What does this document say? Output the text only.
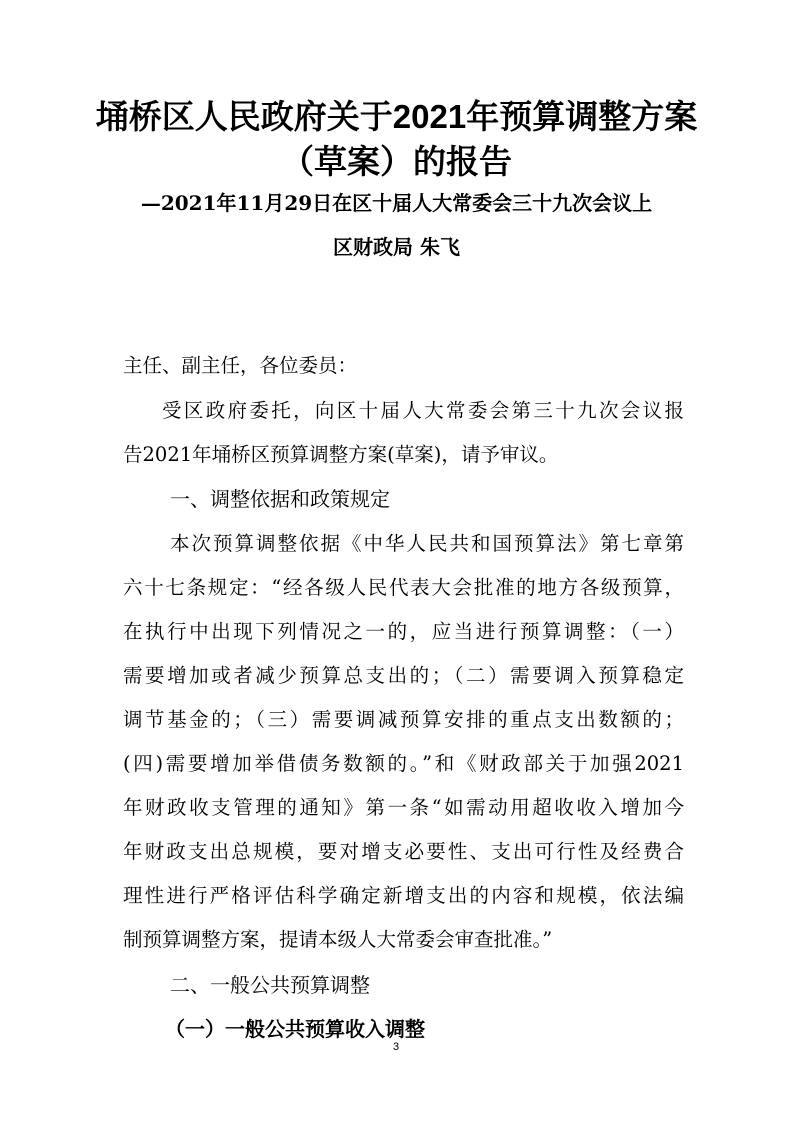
埇桥区人民政府关于2021年预算调整方案
（草案）的报告

—2021年11月29日在区十届人大常委会三十九次会议上

区财政局 朱飞

主任、副主任，各位委员：

受区政府委托，向区十届人大常委会第三十九次会议报

告2021年埇桥区预算调整方案(草案)，请予审议。

一、调整依据和政策规定

本次预算调整依据《中华人民共和国预算法》第七章第

六十七条规定：“经各级人民代表大会批准的地方各级预算，

在执行中出现下列情况之一的，应当进行预算调整：（一）

需要增加或者减少预算总支出的；（二）需要调入预算稳定

调节基金的；（三）需要调减预算安排的重点支出数额的；

(四)需要增加举借债务数额的。”和《财政部关于加强2021

年财政收支管理的通知》第一条“如需动用超收收入增加今

年财政支出总规模，要对增支必要性、支出可行性及经费合

理性进行严格评估科学确定新增支出的内容和规模，依法编

制预算调整方案，提请本级人大常委会审查批准。”

二、一般公共预算调整

（一）一般公共预算收入调整

3
